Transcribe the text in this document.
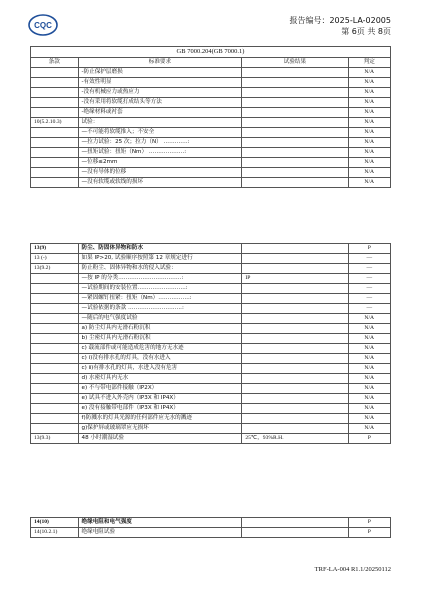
CQC
报告编号：2025-LA-02005
第 6页 共 8页
GB 7000.204(GB 7000.1)
条款	标准要求	试验结果	判定
	-防止保护层磨损		N/A
	-有效性明显		N/A
	-没有机械应力或热应力		N/A
	-没有采用将软缆打成结头等方法		N/A
	-绝缘材料或衬套		N/A
10(5.2.10.3)	试验：		N/A
	—不可能将软缆推入；不安全		N/A
	—拉力试验：25 次；拉力（N） ………….:		N/A
	—扭矩试验：扭矩（Nm） ……………….:		N/A
	—位移≤2mm		N/A
	—没有导体的位移		N/A
	—没有软缆或软线的损坏		N/A
13(9)	防尘、防固体异物和防水		P
13 (-)	如果 IP>20, 试验顺序按照第 12 章规定进行		—
13(9.2)	防止粉尘、固体异物和水的侵入试验：		—
	—按 IP 的分类…………………………….:	IP	—
	—试验期间的安装位置……………………..:		—
	—紧固螺钉扭紧：扭矩（Nm）……………..:		—
	—试验依据的条款 ………………………..:		—
	—随后的电气强度试验		N/A
	a) 防尘灯具内无滑石粉沉积		N/A
	b) 尘密灯具内无滑石粉沉积		N/A
	c) 载流部件或可能造成危害的地方无水迹		N/A
	c) ⅰ)没有排水孔的灯具，没有水进入		N/A
	c) ⅱ)有排水孔的灯具，水进入没有危害		N/A
	d) 水密灯具内无水		N/A
	e) 不与带电部件接触（IP2X）		N/A
	e) 试具不进入外壳内（IP3X 和 IP4X）		N/A
	e) 没有接触带电部件（IP3X 和 IP4X）		N/A
	f)防溅水的灯具光源的任何部件应无水的溅迹		N/A
	g)保护屏或玻璃罩应无损坏		N/A
13(9.3)	48 小时潮湿试验	25℃，93%R.H.	P
14(10)	绝缘电阻和电气强度		P
14(10.2.1)	绝缘电阻试验		P
TRF-LA-004 R1.1/20250112
